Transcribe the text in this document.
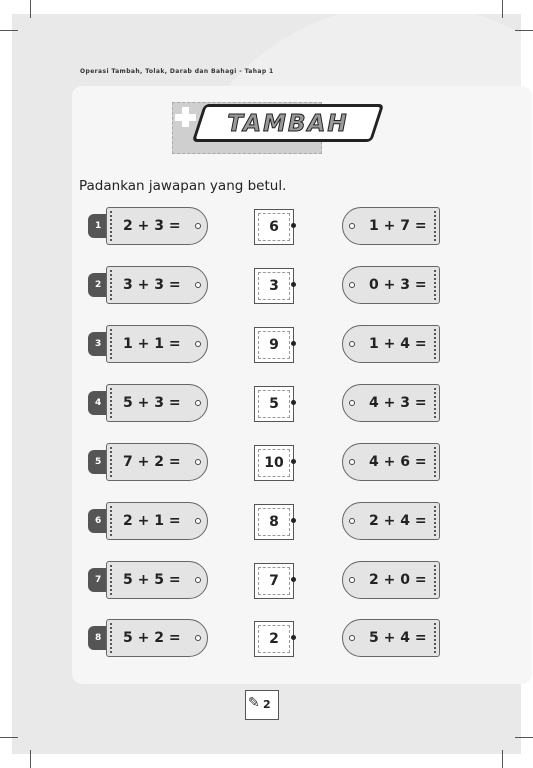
Operasi Tambah, Tolak, Darab dan Bahagi - Tahap 1
TAMBAH
Padankan jawapan yang betul.
1	2 + 3 =	6	1 + 7 =
2	3 + 3 =	3	0 + 3 =
3	1 + 1 =	9	1 + 4 =
4	5 + 3 =	5	4 + 3 =
5	7 + 2 =	10	4 + 6 =
6	2 + 1 =	8	2 + 4 =
7	5 + 5 =	7	2 + 0 =
8	5 + 2 =	2	5 + 4 =
✎ 2
